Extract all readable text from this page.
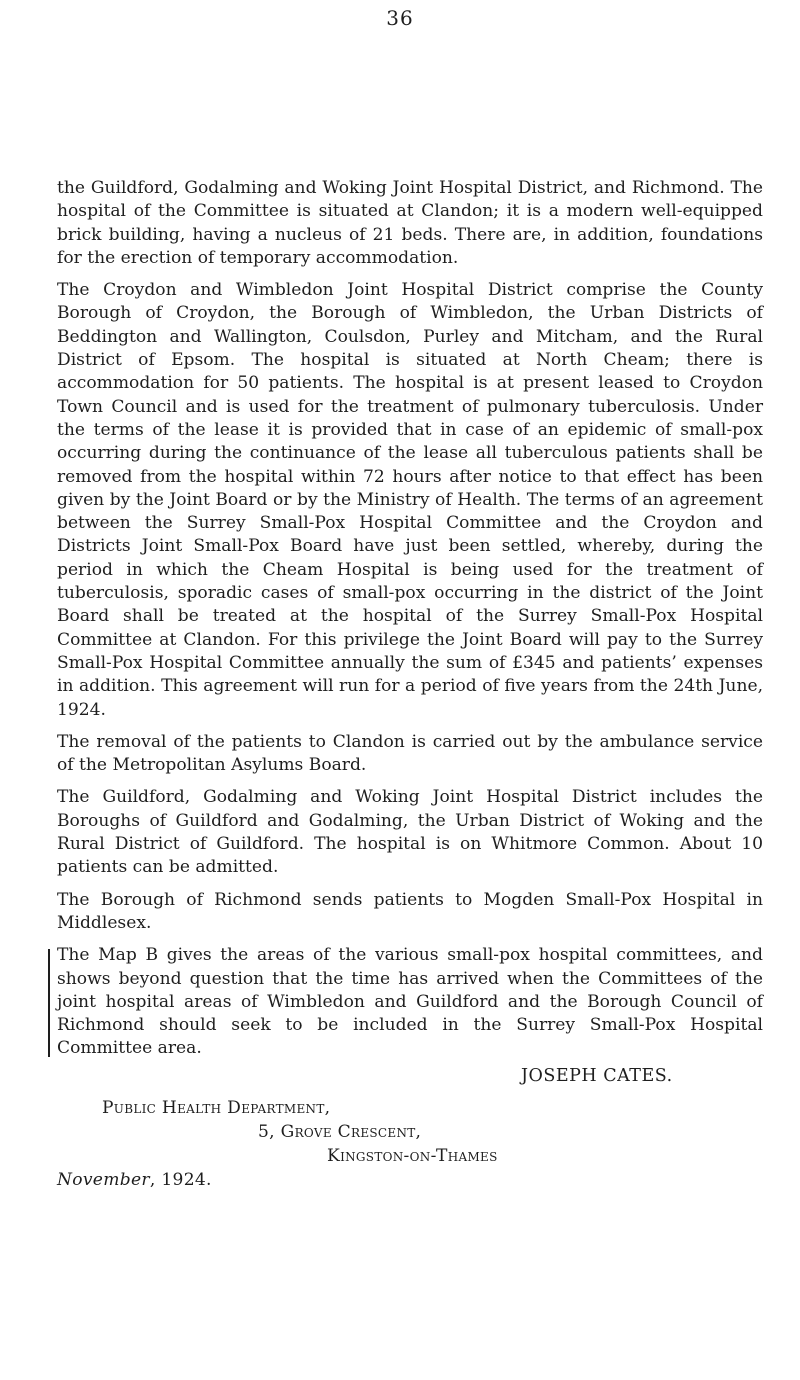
36

the Guildford, Godalming and Woking Joint Hospital District, and Richmond. The hospital of the Committee is situated at Clandon; it is a modern well-equipped brick building, having a nucleus of 21 beds. There are, in addition, foundations for the erection of temporary accommodation.

The Croydon and Wimbledon Joint Hospital District comprise the County Borough of Croydon, the Borough of Wimbledon, the Urban Districts of Beddington and Wallington, Coulsdon, Purley and Mitcham, and the Rural District of Epsom. The hospital is situated at North Cheam; there is accommodation for 50 patients. The hospital is at present leased to Croydon Town Council and is used for the treatment of pulmonary tuberculosis. Under the terms of the lease it is provided that in case of an epidemic of small-pox occurring during the continuance of the lease all tuberculous patients shall be removed from the hospital within 72 hours after notice to that effect has been given by the Joint Board or by the Ministry of Health. The terms of an agreement between the Surrey Small-Pox Hospital Committee and the Croydon and Districts Joint Small-Pox Board have just been settled, whereby, during the period in which the Cheam Hospital is being used for the treatment of tuberculosis, sporadic cases of small-pox occurring in the district of the Joint Board shall be treated at the hospital of the Surrey Small-Pox Hospital Committee at Clandon. For this privilege the Joint Board will pay to the Surrey Small-Pox Hospital Committee annually the sum of £345 and patients’ expenses in addition. This agreement will run for a period of five years from the 24th June, 1924.

The removal of the patients to Clandon is carried out by the ambulance service of the Metropolitan Asylums Board.

The Guildford, Godalming and Woking Joint Hospital District includes the Boroughs of Guildford and Godalming, the Urban District of Woking and the Rural District of Guildford. The hospital is on Whitmore Common. About 10 patients can be admitted.

The Borough of Richmond sends patients to Mogden Small-Pox Hospital in Middlesex.

The Map B gives the areas of the various small-pox hospital committees, and shows beyond question that the time has arrived when the Committees of the joint hospital areas of Wimbledon and Guildford and the Borough Council of Richmond should seek to be included in the Surrey Small-Pox Hospital Committee area.

JOSEPH CATES.
Public Health Department,
5, Grove Crescent,
Kingston-on-Thames
November, 1924.
